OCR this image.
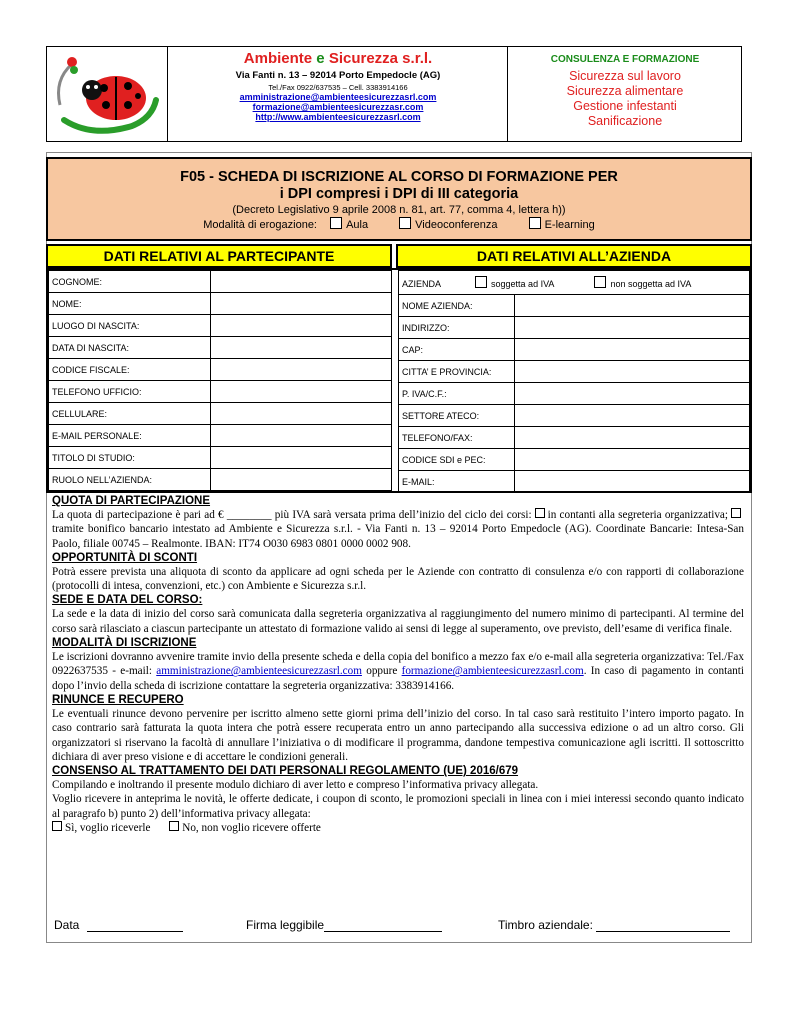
Ambiente e Sicurezza s.r.l.
Via Fanti n. 13 – 92014 Porto Empedocle (AG)
Tel./Fax 0922/637535 – Cell. 3383914166
amministrazione@ambienteesicurezzasrl.com
formazione@ambienteesicurezzasr.com
http://www.ambienteesicurezzasrl.com
CONSULENZA E FORMAZIONE
Sicurezza sul lavoro
Sicurezza alimentare
Gestione infestanti
Sanificazione
F05 - SCHEDA DI ISCRIZIONE AL CORSO DI FORMAZIONE PER
i DPI compresi i DPI di III categoria
(Decreto Legislativo 9 aprile 2008 n. 81, art. 77, comma 4, lettera h))
Modalità di erogazione:	Aula	Videoconferenza	E-learning
DATI RELATIVI AL PARTECIPANTE	DATI RELATIVI ALL’AZIENDA
COGNOME:	
NOME:	
LUOGO DI NASCITA:	
DATA DI NASCITA:	
CODICE FISCALE:	
TELEFONO UFFICIO:	
CELLULARE:	
E-MAIL PERSONALE:	
TITOLO DI STUDIO:	
RUOLO NELL’AZIENDA:	
AZIENDA soggetta ad IVA non soggetta ad IVA	
NOME AZIENDA:	
INDIRIZZO:	
CAP:	
CITTA’ E PROVINCIA:	
P. IVA/C.F.:	
SETTORE ATECO:	
TELEFONO/FAX:	
CODICE SDI e PEC:	
E-MAIL:	
QUOTA DI PARTECIPAZIONE

La quota di partecipazione è pari ad € ________ più IVA sarà versata prima dell’inizio del ciclo dei corsi: in contanti alla segreteria organizzativa;tramite bonifico bancario intestato ad Ambiente e Sicurezza s.r.l. - Via Fanti n. 13 – 92014 Porto Empedocle (AG). Coordinate Bancarie: Intesa-San Paolo, filiale 00745 – Realmonte. IBAN: IT74 O030 6983 0801 0000 0002 908.

OPPORTUNITÀ DI SCONTI

Potrà essere prevista una aliquota di sconto da applicare ad ogni scheda per le Aziende con contratto di consulenza e/o con rapporti di collaborazione (protocolli di intesa, convenzioni, etc.) con Ambiente e Sicurezza s.r.l.

SEDE E DATA DEL CORSO:

La sede e la data di inizio del corso sarà comunicata dalla segreteria organizzativa al raggiungimento del numero minimo di partecipanti. Al termine del corso sarà rilasciato a ciascun partecipante un attestato di formazione valido ai sensi di legge al superamento, ove previsto, dell’esame di verifica finale.

MODALITÀ DI ISCRIZIONE

Le iscrizioni dovranno avvenire tramite invio della presente scheda e della copia del bonifico a mezzo fax e/o e-mail alla segreteria organizzativa: Tel./Fax 0922637535 - e-mail: amministrazione@ambienteesicurezzasrl.com oppure formazione@ambienteesicurezzasrl.com. In caso di pagamento in contanti dopo l’invio della scheda di iscrizione contattare la segreteria organizzativa: 3383914166.

RINUNCE E RECUPERO

Le eventuali rinunce devono pervenire per iscritto almeno sette giorni prima dell’inizio del corso. In tal caso sarà restituito l’intero importo pagato. In caso contrario sarà fatturata la quota intera che potrà essere recuperata entro un anno partecipando alla successiva edizione o ad un altro corso. Gli organizzatori si riservano la facoltà di annullare l’iniziativa o di modificare il programma, dandone tempestiva comunicazione agli iscritti. Il sottoscritto dichiara di aver preso visione e di accettare le condizioni generali.

CONSENSO AL TRATTAMENTO DEI DATI PERSONALI REGOLAMENTO (UE) 2016/679

Compilando e inoltrando il presente modulo dichiaro di aver letto e compreso l’informativa privacy allegata.

Voglio ricevere in anteprima le novità, le offerte dedicate, i coupon di sconto, le promozioni speciali in linea con i miei interessi secondo quanto indicato al paragrafo b) punto 2) dell’informativa privacy allegata:

Sì, voglio riceverle	No, non voglio ricevere offerte

Data	Firma leggibile	Timbro aziendale:
